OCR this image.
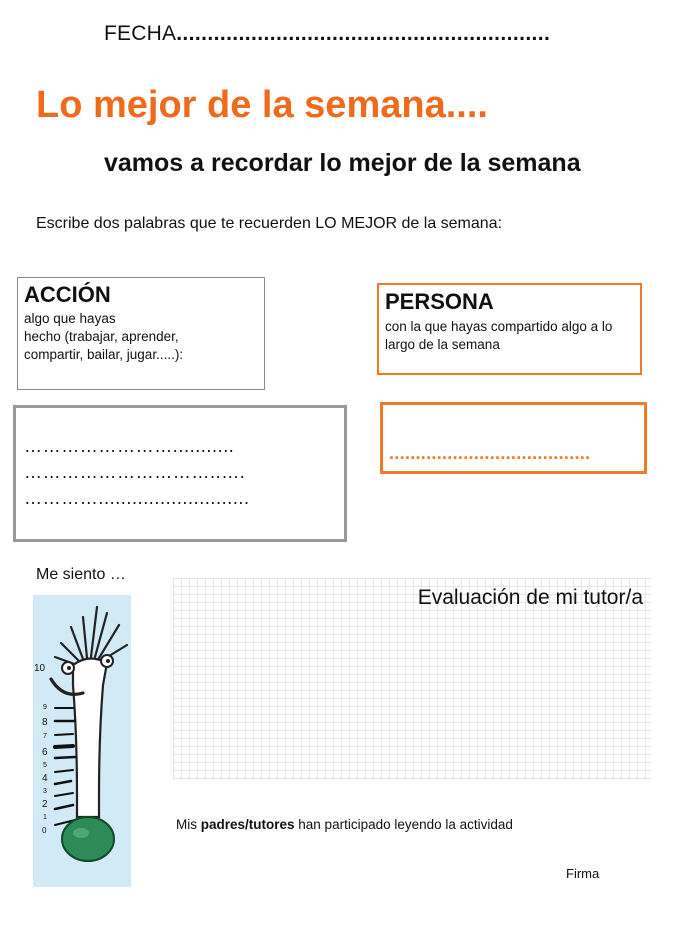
FECHA............................................................
Lo mejor de la semana....
vamos a recordar lo mejor de la semana
Escribe dos palabras que te recuerden LO MEJOR de la semana:
ACCIÓN
algo que hayas
hecho (trabajar, aprender,
compartir, bailar, jugar.....):
PERSONA
con la que hayas compartido algo a lo largo de la semana
……………………...........
…………………………..….
…………...........................
......................................
Me siento …
0
1
2
3
4
5
6
7
8
9
10
Evaluación de mi tutor/a
Mis padres/tutores han participado leyendo la actividad
Firma
